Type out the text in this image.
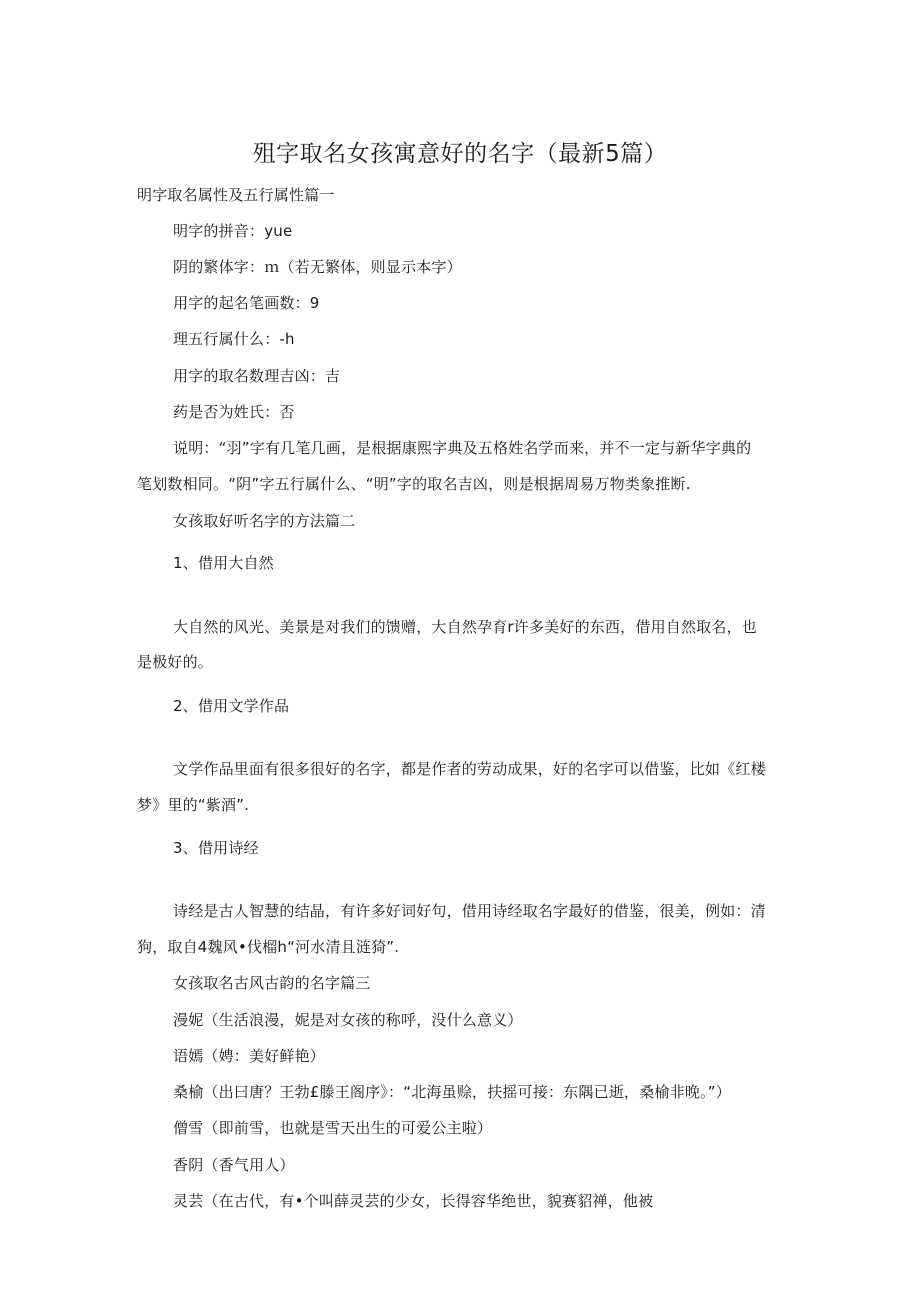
殂字取名女孩寓意好的名字（最新5篇）
明字取名属性及五行属性篇一
明字的拼音：yue
阴的繁体字：ｍ（若无繁体，则显示本字）
用字的起名笔画数：9
理五行属什么：-h
用字的取名数理吉凶：吉
药是否为姓氏：否
说明：“羽”字有几笔几画，是根据康熙字典及五格姓名学而来，并不一定与新华字典的
笔划数相同。“阴”字五行属什么、“明”字的取名吉凶，则是根据周易万物类象推断.
女孩取好听名字的方法篇二
1、借用大自然
大自然的风光、美景是对我们的馈赠，大自然孕育r许多美好的东西，借用自然取名，也
是极好的。
2、借用文学作品
文学作品里面有很多很好的名字，都是作者的劳动成果，好的名字可以借鉴，比如《红楼
梦》里的“紫酒”.
3、借用诗经
诗经是古人智慧的结晶，有许多好词好句，借用诗经取名字最好的借鉴，很美，例如：清
狗，取自4魏风•伐榴h“河水清且涟猗”.
女孩取名古风古韵的名字篇三
漫妮（生活浪漫，妮是对女孩的称呼，没什么意义）
语嫣（娉：美好鲜艳）
桑榆（出曰唐？王勃£滕王阁序》：“北海虽赊，扶摇可接：东隅已逝，桑榆非晚。”）
僧雪（即前雪，也就是雪天出生的可爱公主啦）
香阴（香气用人）
灵芸（在古代，有•个叫薛灵芸的少女，长得容华绝世，貌赛貂禅，他被
